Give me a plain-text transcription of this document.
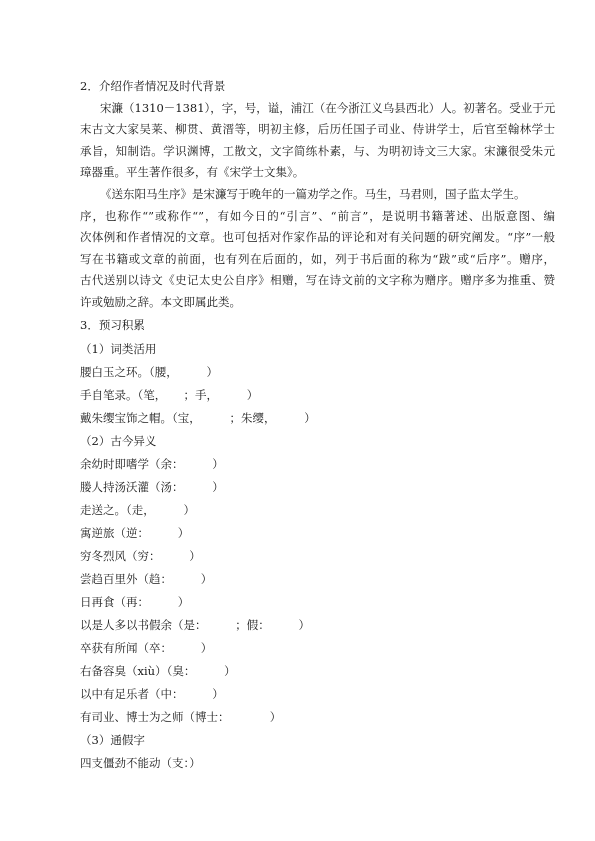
2．介绍作者情况及时代背景
宋濂（1310－1381），字，号，谥，浦江（在今浙江义乌县西北）人。初著名。受业于元
末古文大家吴莱、柳贯、黄溍等，明初主修，后历任国子司业、侍讲学士，后官至翰林学士
承旨，知制诰。学识渊博，工散文，文字简练朴素，与、为明初诗文三大家。宋濂很受朱元
璋器重。平生著作很多，有《宋学士文集》。
《送东阳马生序》是宋濂写于晚年的一篇劝学之作。马生，马君则，国子监太学生。
序，也称作“”或称作“”，有如今日的“引言”、“前言”，是说明书籍著述、出版意图、编
次体例和作者情况的文章。也可包括对作家作品的评论和对有关问题的研究阐发。“序”一般
写在书籍或文章的前面，也有列在后面的，如，列于书后面的称为“跋”或“后序”。赠序，
古代送别以诗文《史记太史公自序》相赠，写在诗文前的文字称为赠序。赠序多为推重、赞
许或勉励之辞。本文即属此类。
3．预习积累
（1）词类活用
腰白玉之环。（腰，　　　）
手自笔录。（笔，　　；手，　　　）
戴朱缨宝饰之帽。（宝，　　　；朱缨，　　　）
（2）古今异义
余幼时即嗜学（余：　　　）
媵人持汤沃灌（汤：　　　）
走送之。（走，　　　）
寓逆旅（逆：　　　）
穷冬烈风（穷：　　　）
尝趋百里外（趋：　　　）
日再食（再：　　　）
以是人多以书假余（是：　　　；假：　　　）
卒获有所闻（卒：　　　）
右备容臭（xiù）（臭：　　　）
以中有足乐者（中：　　　）
有司业、博士为之师（博士：　　　　）
（3）通假字
四支僵劲不能动（支：）
